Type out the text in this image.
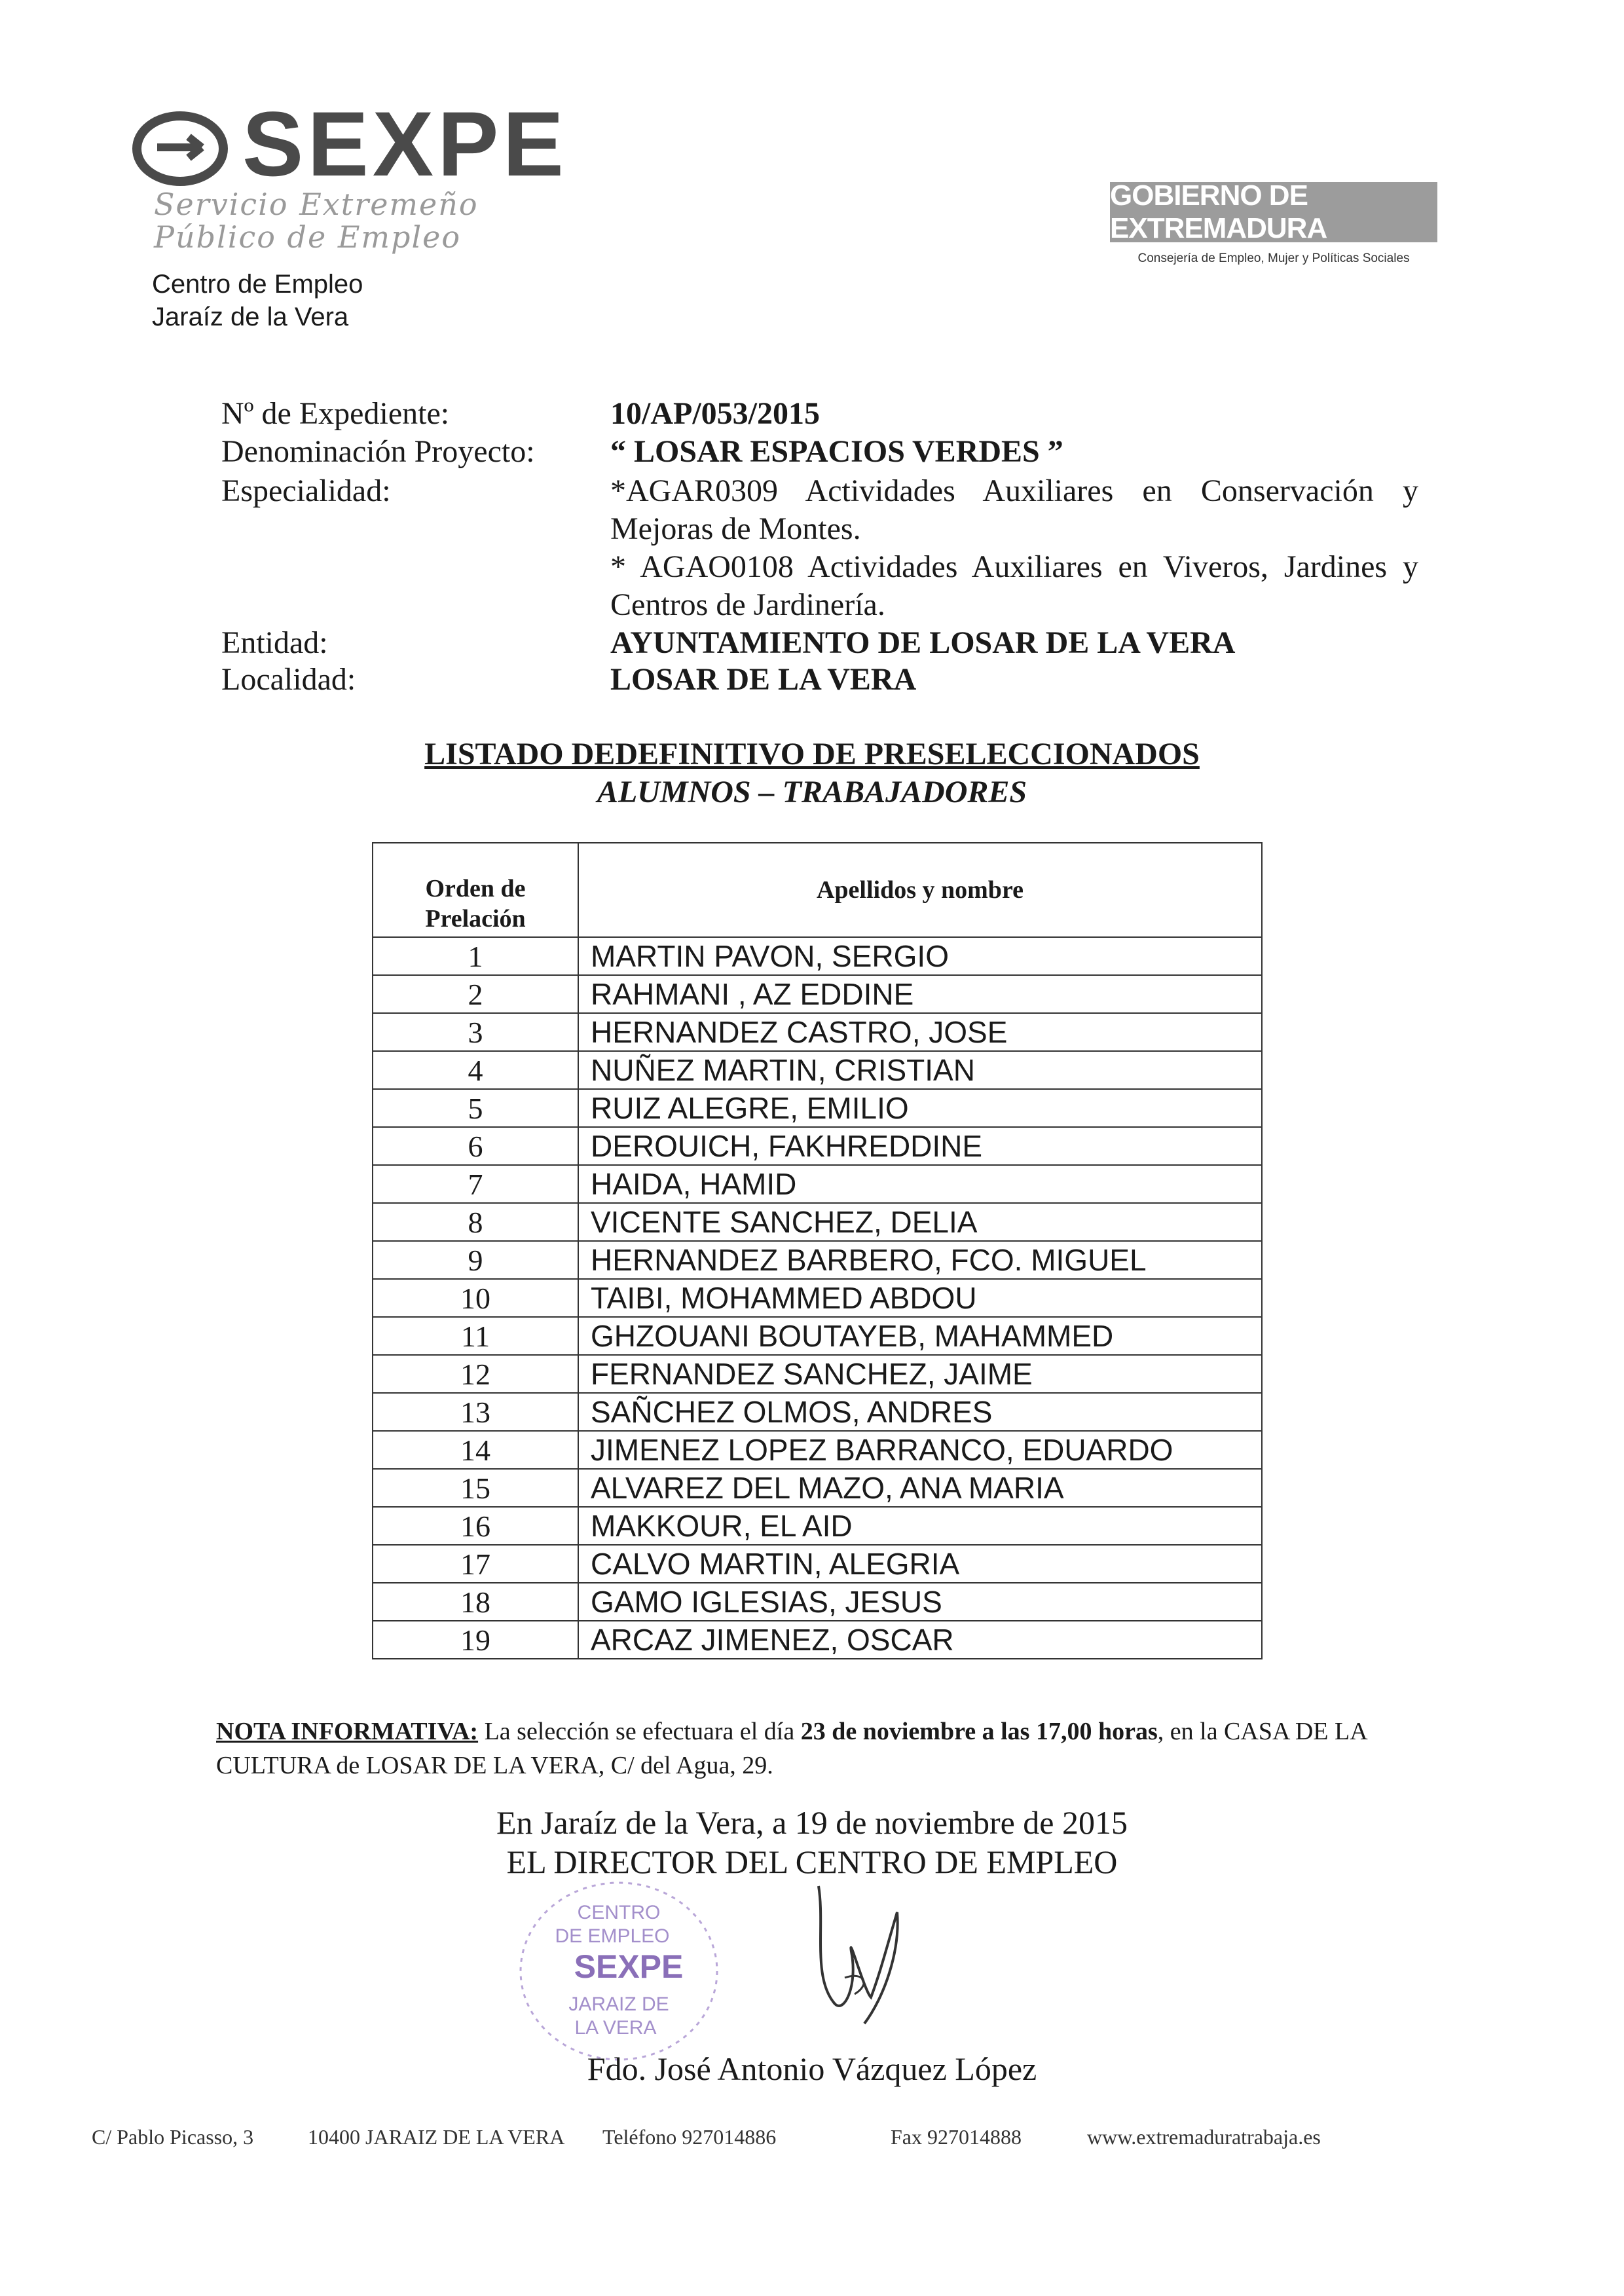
SEXPE
Servicio Extremeño
Público de Empleo
Centro de Empleo
Jaraíz de la Vera
GOBIERNO DE EXTREMADURA
Consejería de Empleo, Mujer y Políticas Sociales
Nº de Expediente:	10/AP/053/2015
Denominación Proyecto: “ LOSAR ESPACIOS VERDES ”
Especialidad:	*AGAR0309 Actividades Auxiliares en Conservación y
Mejoras de Montes.
* AGAO0108 Actividades Auxiliares en Viveros, Jardines y
Centros de Jardinería.
Entidad:	AYUNTAMIENTO DE LOSAR DE LA VERA
Localidad:	LOSAR DE LA VERA
LISTADO DEDEFINITIVO DE PRESELECCIONADOS
ALUMNOS – TRABAJADORES
Orden de
Prelación	Apellidos y nombre
1	MARTIN PAVON, SERGIO
2	RAHMANI , AZ EDDINE
3	HERNANDEZ CASTRO, JOSE
4	NUÑEZ MARTIN, CRISTIAN
5	RUIZ ALEGRE, EMILIO
6	DEROUICH, FAKHREDDINE
7	HAIDA, HAMID
8	VICENTE SANCHEZ, DELIA
9	HERNANDEZ BARBERO, FCO. MIGUEL
10	TAIBI, MOHAMMED ABDOU
11	GHZOUANI BOUTAYEB, MAHAMMED
12	FERNANDEZ SANCHEZ, JAIME
13	SAÑCHEZ OLMOS, ANDRES
14	JIMENEZ LOPEZ BARRANCO, EDUARDO
15	ALVAREZ DEL MAZO, ANA MARIA
16	MAKKOUR, EL AID
17	CALVO MARTIN, ALEGRIA
18	GAMO IGLESIAS, JESUS
19	ARCAZ JIMENEZ, OSCAR
NOTA INFORMATIVA: La selección se efectuara el día 23 de noviembre a las 17,00 horas, en la CASA DE LA CULTURA de LOSAR DE LA VERA, C/ del Agua, 29.
En Jaraíz de la Vera, a 19 de noviembre de 2015
EL DIRECTOR DEL CENTRO DE EMPLEO
CENTRO
DE EMPLEO
SEXPE
JARAIZ DE
LA VERA
Fdo. José Antonio Vázquez López
C/ Pablo Picasso, 3	10400 JARAIZ DE LA VERA Teléfono 927014886	Fax 927014888	www.extremaduratrabaja.es
